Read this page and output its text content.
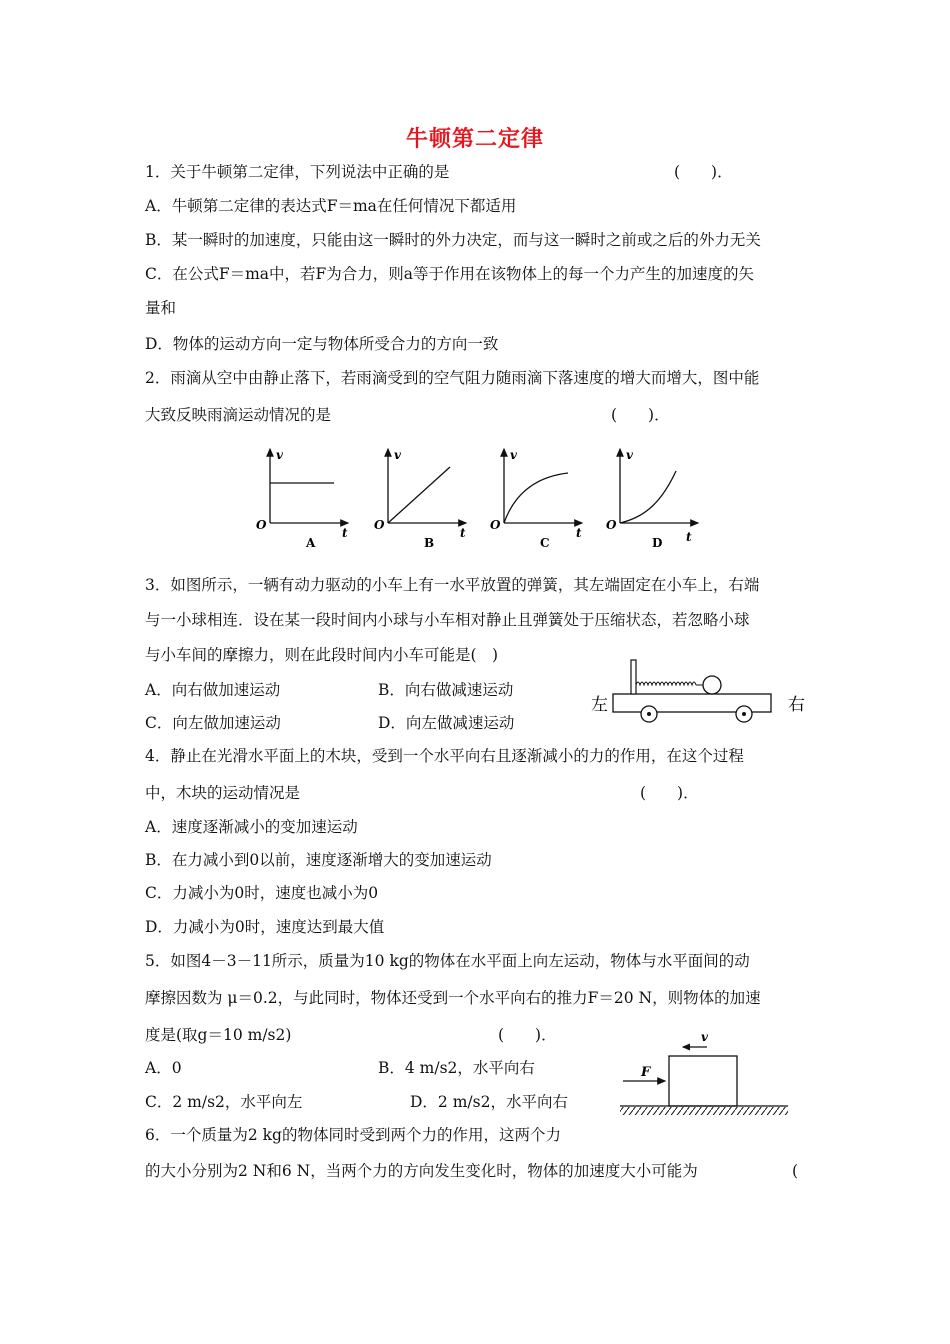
牛顿第二定律
1．关于牛顿第二定律，下列说法中正确的是	(　　)．
A．牛顿第二定律的表达式F＝ma在任何情况下都适用
B．某一瞬时的加速度，只能由这一瞬时的外力决定，而与这一瞬时之前或之后的外力无关
C．在公式F＝ma中，若F为合力，则a等于作用在该物体上的每一个力产生的加速度的矢
量和
D．物体的运动方向一定与物体所受合力的方向一致
2．雨滴从空中由静止落下，若雨滴受到的空气阻力随雨滴下落速度的增大而增大，图中能
大致反映雨滴运动情况的是	(　　)．
v
O
t
A
v
O
t
B
v
O
t
C
v
O
t
D
3．如图所示，一辆有动力驱动的小车上有一水平放置的弹簧，其左端固定在小车上，右端
与一小球相连．设在某一段时间内小球与小车相对静止且弹簧处于压缩状态，若忽略小球
与小车间的摩擦力，则在此段时间内小车可能是(　)
A．向右做加速运动	B．向右做减速运动
C．向左做加速运动	D．向左做减速运动
左	右
4．静止在光滑水平面上的木块，受到一个水平向右且逐渐减小的力的作用，在这个过程
中，木块的运动情况是	(　　)．
A．速度逐渐减小的变加速运动
B．在力减小到0以前，速度逐渐增大的变加速运动
C．力减小为0时，速度也减小为0
D．力减小为0时，速度达到最大值
5．如图4－3－11所示，质量为10 kg的物体在水平面上向左运动，物体与水平面间的动
摩擦因数为 μ＝0.2，与此同时，物体还受到一个水平向右的推力F＝20 N，则物体的加速
度是(取g＝10 m/s2)	(　　)．
A．0	B．4 m/s2，水平向右
C．2 m/s2，水平向左	D．2 m/s2，水平向右
F
v
6．一个质量为2 kg的物体同时受到两个力的作用，这两个力
的大小分别为2 N和6 N，当两个力的方向发生变化时，物体的加速度大小可能为	(
